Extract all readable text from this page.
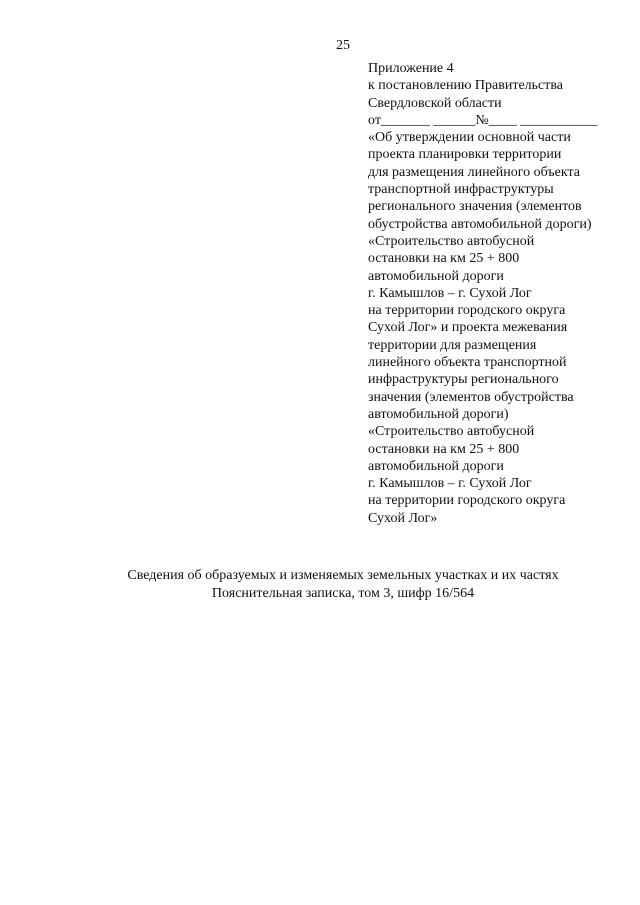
25
Приложение 4
к постановлению Правительства
Свердловской области
от_______ ______№____ ___________
«Об утверждении основной части
проекта планировки территории
для размещения линейного объекта
транспортной инфраструктуры
регионального значения (элементов
обустройства автомобильной дороги)
«Строительство автобусной
остановки на км 25 + 800
автомобильной дороги
г. Камышлов – г. Сухой Лог
на территории городского округа
Сухой Лог» и проекта межевания
территории для размещения
линейного объекта транспортной
инфраструктуры регионального
значения (элементов обустройства
автомобильной дороги)
«Строительство автобусной
остановки на км 25 + 800
автомобильной дороги
г. Камышлов – г. Сухой Лог
на территории городского округа
Сухой Лог»
Сведения об образуемых и изменяемых земельных участках и их частях
Пояснительная записка, том 3, шифр 16/564
